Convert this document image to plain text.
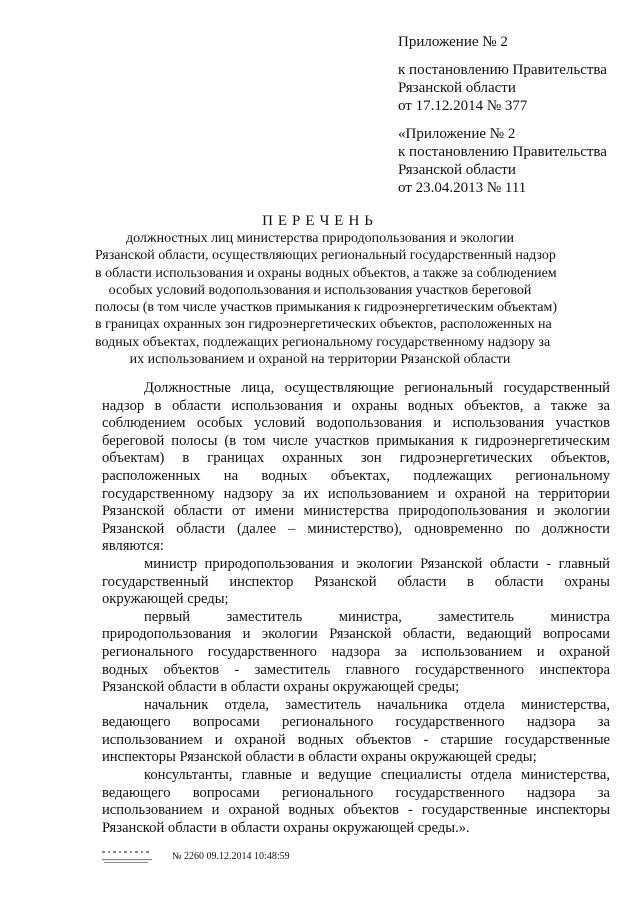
Приложение № 2
к постановлению Правительства
Рязанской области
от 17.12.2014 № 377
«Приложение № 2
к постановлению Правительства
Рязанской области
от 23.04.2013 № 111
ПЕРЕЧЕНЬ
должностных лиц министерства природопользования и экологии
Рязанской области, осуществляющих региональный государственный надзор
в области использования и охраны водных объектов, а также за соблюдением
особых условий водопользования и использования участков береговой
полосы (в том числе участков примыкания к гидроэнергетическим объектам)
в границах охранных зон гидроэнергетических объектов, расположенных на
водных объектах, подлежащих региональному государственному надзору за
их использованием и охраной на территории Рязанской области
Должностные лица, осуществляющие региональный государственный
надзор в области использования и охраны водных объектов, а также за
соблюдением особых условий водопользования и использования участков
береговой полосы (в том числе участков примыкания к гидроэнергетическим
объектам) в границах охранных зон гидроэнергетических объектов,
расположенных на водных объектах, подлежащих региональному
государственному надзору за их использованием и охраной на территории
Рязанской области от имени министерства природопользования и экологии
Рязанской области (далее – министерство), одновременно по должности
являются:
министр природопользования и экологии Рязанской области - главный
государственный инспектор Рязанской области в области охраны
окружающей среды;
первый заместитель министра, заместитель министра
природопользования и экологии Рязанской области, ведающий вопросами
регионального государственного надзора за использованием и охраной
водных объектов - заместитель главного государственного инспектора
Рязанской области в области охраны окружающей среды;
начальник отдела, заместитель начальника отдела министерства,
ведающего вопросами регионального государственного надзора за
использованием и охраной водных объектов - старшие государственные
инспекторы Рязанской области в области охраны окружающей среды;
консультанты, главные и ведущие специалисты отдела министерства,
ведающего вопросами регионального государственного надзора за
использованием и охраной водных объектов - государственные инспекторы
Рязанской области в области охраны окружающей среды.».
№ 2260 09.12.2014 10:48:59
